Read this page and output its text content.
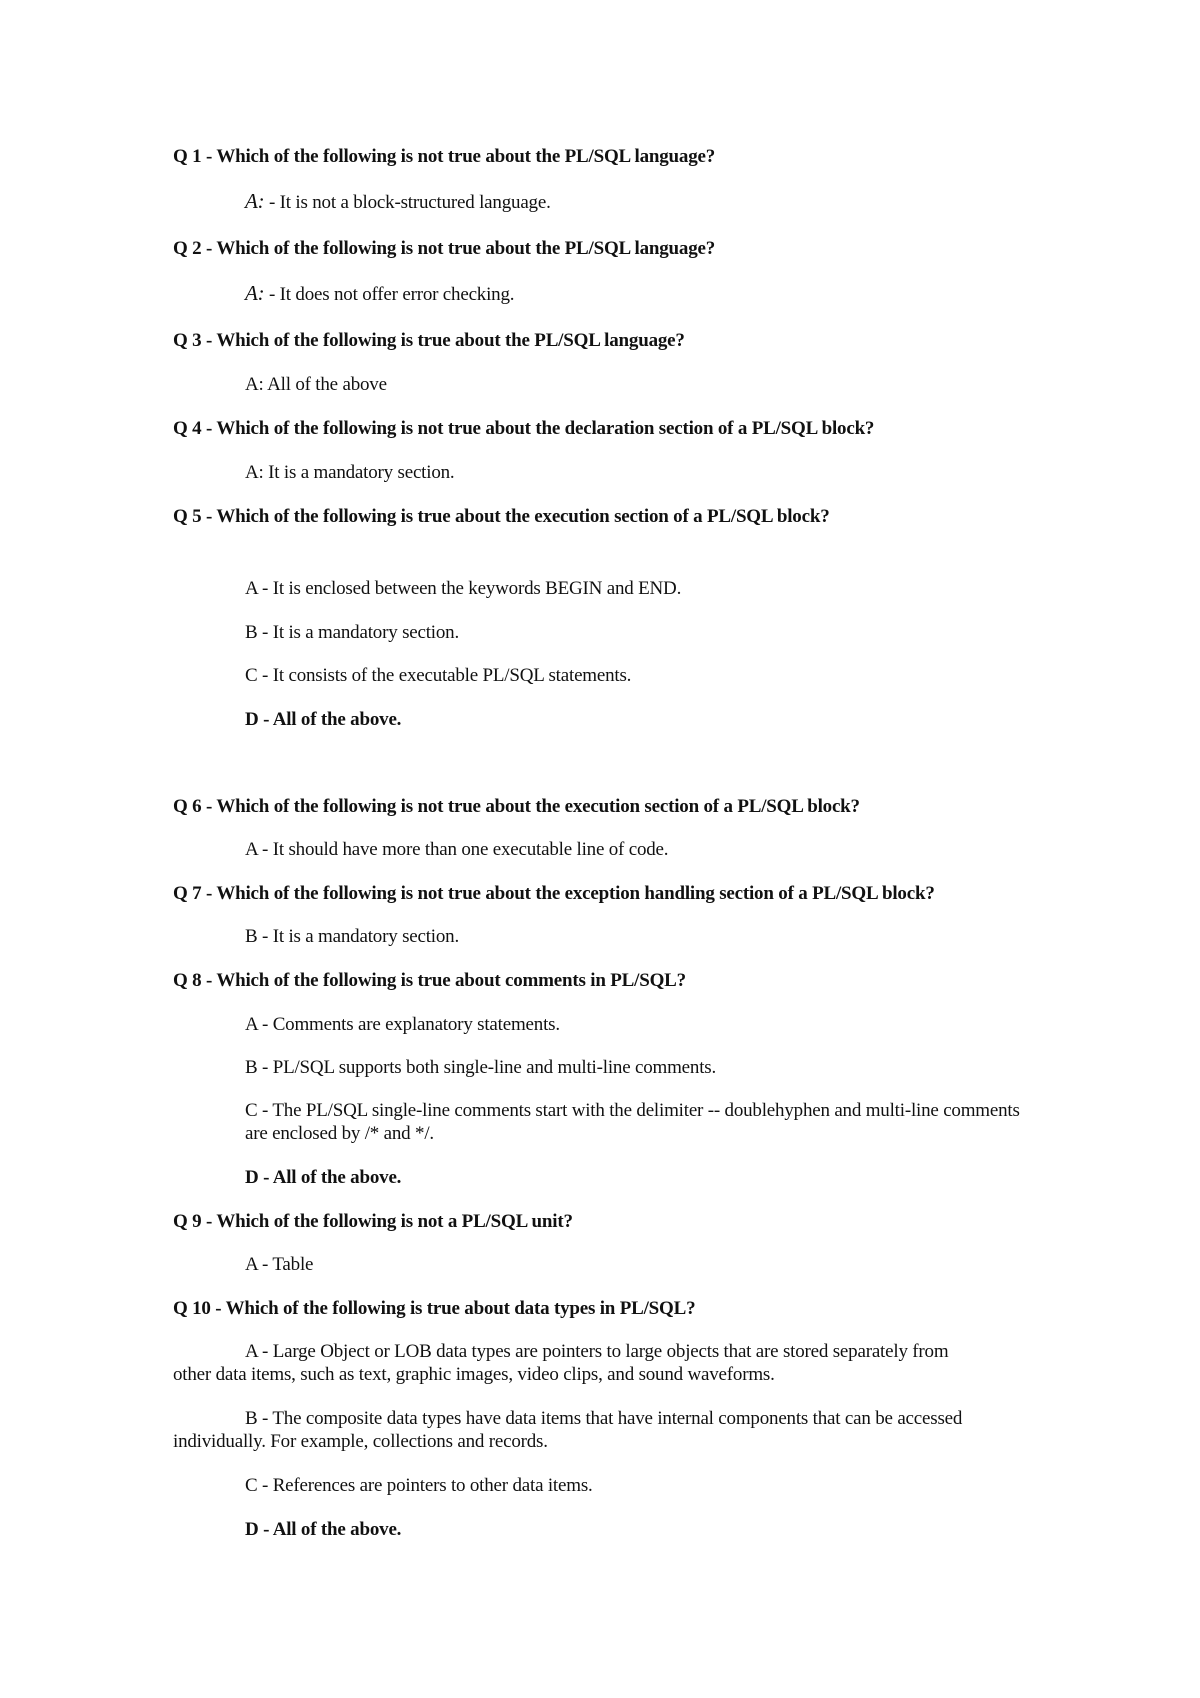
Q 1 - Which of the following is not true about the PL/SQL language?
A: - It is not a block-structured language.
Q 2 - Which of the following is not true about the PL/SQL language?
A: - It does not offer error checking.
Q 3 - Which of the following is true about the PL/SQL language?
A: All of the above
Q 4 - Which of the following is not true about the declaration section of a PL/SQL block?
A: It is a mandatory section.
Q 5 - Which of the following is true about the execution section of a PL/SQL block?
A - It is enclosed between the keywords BEGIN and END.
B - It is a mandatory section.
C - It consists of the executable PL/SQL statements.
D - All of the above.
Q 6 - Which of the following is not true about the execution section of a PL/SQL block?
A - It should have more than one executable line of code.
Q 7 - Which of the following is not true about the exception handling section of a PL/SQL block?
B - It is a mandatory section.
Q 8 - Which of the following is true about comments in PL/SQL?
A - Comments are explanatory statements.
B - PL/SQL supports both single-line and multi-line comments.
C - The PL/SQL single-line comments start with the delimiter -- doublehyphen and multi-line comments are enclosed by /* and */.
D - All of the above.
Q 9 - Which of the following is not a PL/SQL unit?
A - Table
Q 10 - Which of the following is true about data types in PL/SQL?
A - Large Object or LOB data types are pointers to large objects that are stored separately from
other data items, such as text, graphic images, video clips, and sound waveforms.
B - The composite data types have data items that have internal components that can be accessed
individually. For example, collections and records.
C - References are pointers to other data items.
D - All of the above.
